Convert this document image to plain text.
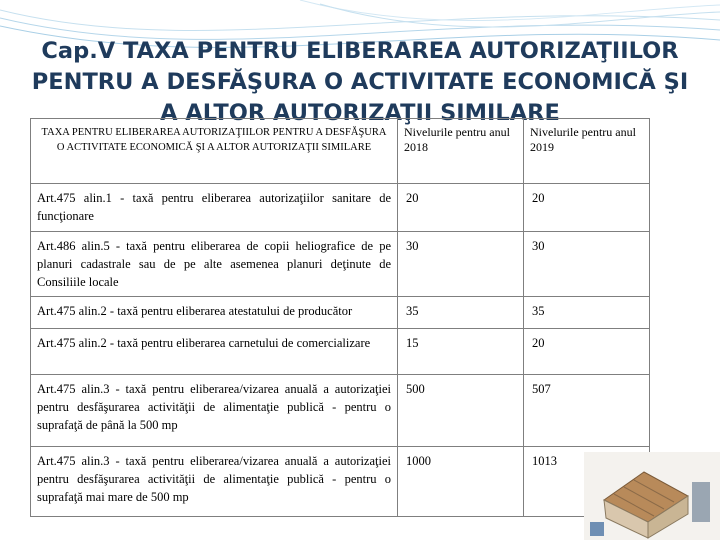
Cap.V TAXA PENTRU ELIBERAREA AUTORIZAŢIILOR PENTRU A DESFĂŞURA O ACTIVITATE ECONOMICĂ ŞI A ALTOR AUTORIZAŢII SIMILARE
TAXA PENTRU ELIBERAREA AUTORIZAŢIILOR PENTRU A DESFĂŞURA O ACTIVITATE ECONOMICĂ ŞI A ALTOR AUTORIZAŢII SIMILARE	Nivelurile pentru anul 2018	Nivelurile pentru anul 2019
Art.475 alin.1 - taxă pentru eliberarea autorizaţiilor sanitare de funcţionare	20	20
Art.486 alin.5 - taxă pentru eliberarea de copii heliografice de pe planuri cadastrale sau de pe alte asemenea planuri deţinute de Consiliile locale	30	30
Art.475 alin.2 - taxă pentru eliberarea atestatului de producător	35	35
Art.475 alin.2 - taxă pentru eliberarea carnetului de comercializare	15	20
Art.475 alin.3 - taxă pentru eliberarea/vizarea anuală a autorizaţiei pentru desfăşurarea activităţii de alimentaţie publică - pentru o suprafaţă de până la 500 mp	500	507
Art.475 alin.3 - taxă pentru eliberarea/vizarea anuală a autorizaţiei pentru desfăşurarea activităţii de alimentaţie publică - pentru o suprafaţă mai mare de 500 mp	1000	1013
